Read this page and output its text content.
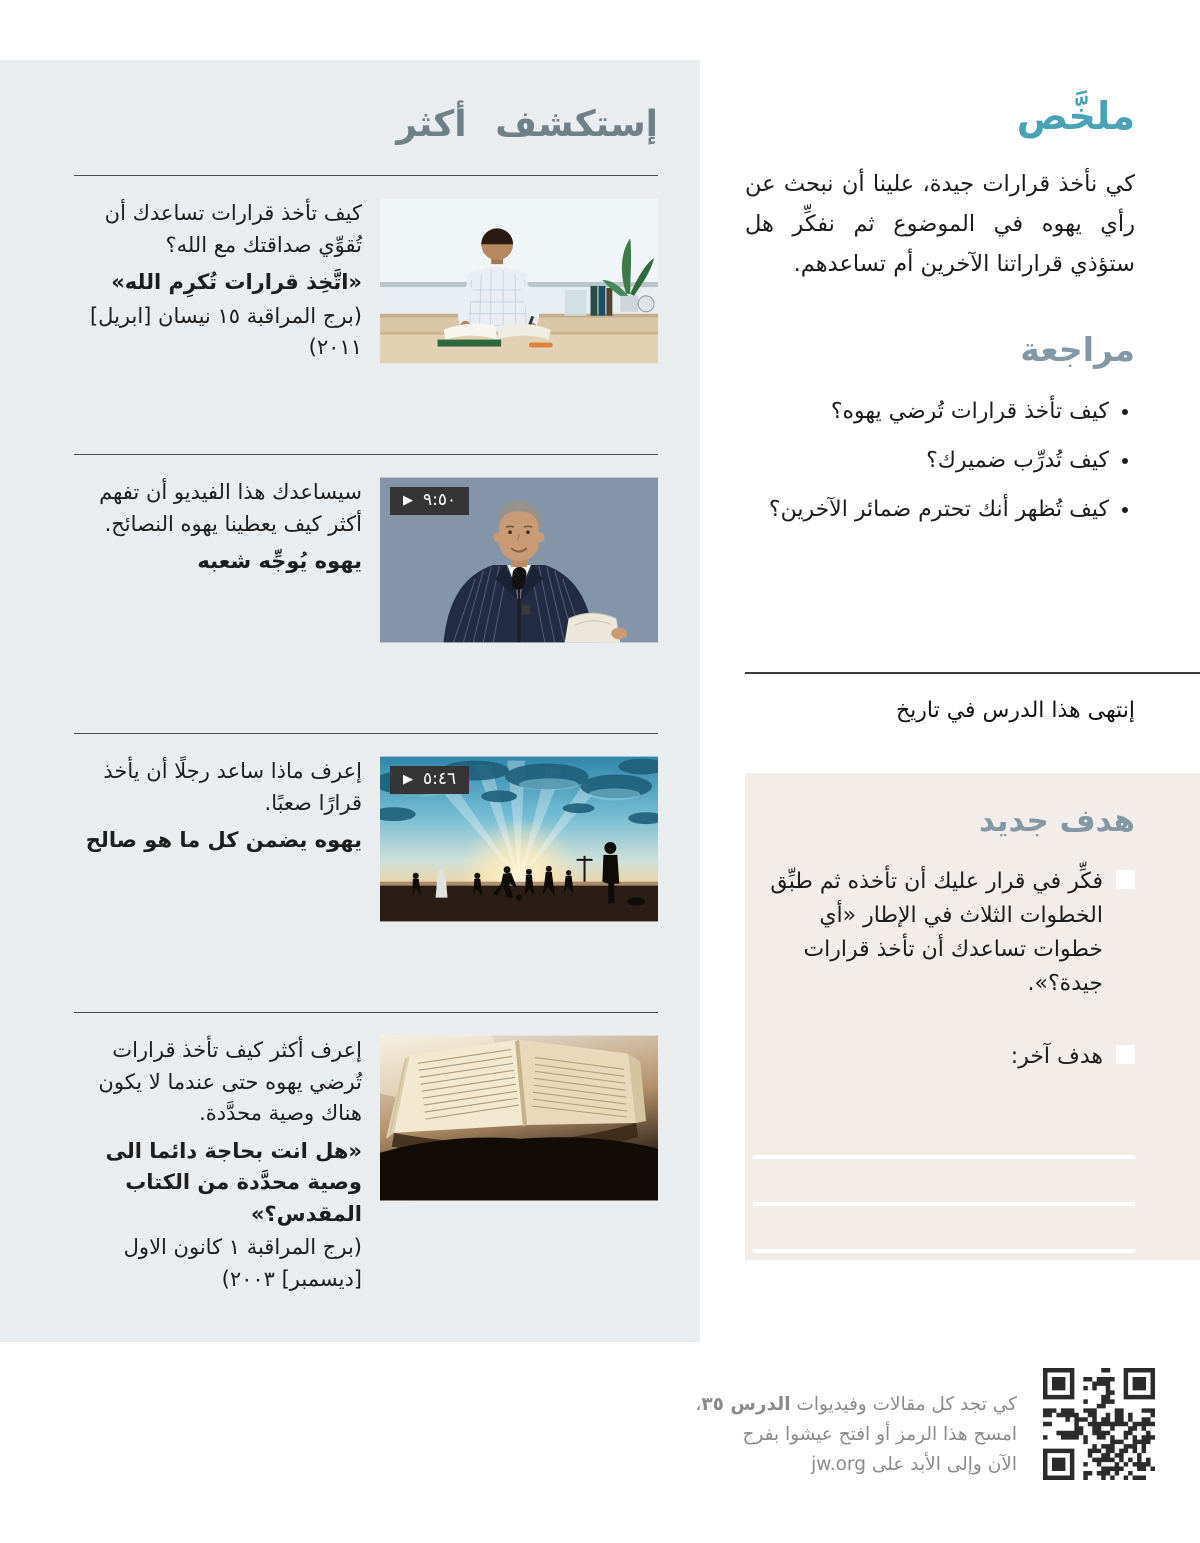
إستكشف أكثر

كيف تأخذ قرارات تساعدك أن تُقوِّي صداقتك مع الله؟

«اتَّخِذ قرارات تُكرِم الله»

(برج المراقبة ١٥ نيسان [ابريل] ٢٠١١)

▶ ٩:٥٠

سيساعدك هذا الفيديو أن تفهم أكثر كيف يعطينا يهوه النصائح.

يهوه يُوجِّه شعبه

▶ ٥:٤٦

إعرف ماذا ساعد رجلًا أن يأخذ قرارًا صعبًا.

يهوه يضمن كل ما هو صالح

إعرف أكثر كيف تأخذ قرارات تُرضي يهوه حتى عندما لا يكون هناك وصية محدَّدة.

«هل انت بحاجة دائما الى وصية محدَّدة من الكتاب المقدس؟»

(برج المراقبة ١ كانون الاول [ديسمبر] ٢٠٠٣)

ملخَّص

كي نأخذ قرارات جيدة، علينا أن نبحث عن رأي يهوه في الموضوع ثم نفكِّر هل ستؤذي قراراتنا الآخرين أم تساعدهم.

مراجعة
• كيف تأخذ قرارات تُرضي يهوه؟
• كيف تُدرِّب ضميرك؟
• كيف تُظهر أنك تحترم ضمائر الآخرين؟

إنتهى هذا الدرس في تاريخ

هدف جديد
فكِّر في قرار عليك أن تأخذه ثم طبِّق الخطوات الثلاث في الإطار «أي خطوات تساعدك أن تأخذ قرارات جيدة؟».
هدف آخر:
كي تجد كل مقالات وفيديوات الدرس ٣٥،
امسح هذا الرمز أو افتح عيشوا بفرح
الآن وإلى الأبد على jw.org
